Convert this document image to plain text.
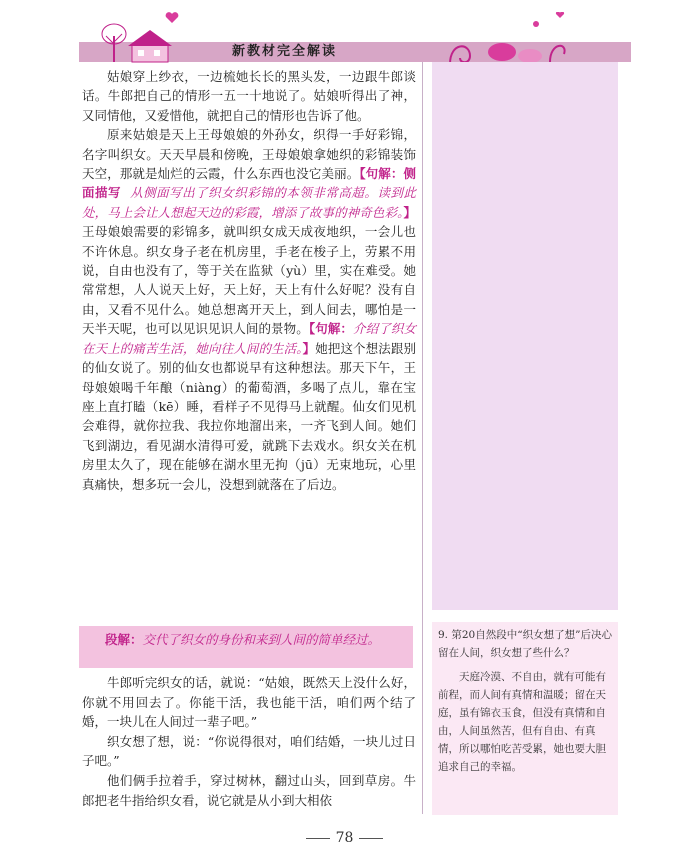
新教材完全解读

姑娘穿上纱衣，一边梳她长长的黑头发，一边跟牛郎谈话。牛郎把自己的情形一五一十地说了。姑娘听得出了神，又同情他，又爱惜他，就把自己的情形也告诉了他。

原来姑娘是天上王母娘娘的外孙女，织得一手好彩锦，名字叫织女。天天早晨和傍晚，王母娘娘拿她织的彩锦装饰天空，那就是灿烂的云霞，什么东西也没它美丽。【句解：侧面描写 从侧面写出了织女织彩锦的本领非常高超。读到此处，马上会让人想起天边的彩霞，增添了故事的神奇色彩。】王母娘娘需要的彩锦多，就叫织女成天成夜地织，一会儿也不许休息。织女身子老在机房里，手老在梭子上，劳累不用说，自由也没有了，等于关在监狱（yù）里，实在难受。她常常想，人人说天上好，天上好，天上有什么好呢？没有自由，又看不见什么。她总想离开天上，到人间去，哪怕是一天半天呢，也可以见识见识人间的景物。【句解：介绍了织女在天上的痛苦生活，她向往人间的生活。】她把这个想法跟别的仙女说了。别的仙女也都说早有这种想法。那天下午，王母娘娘喝千年酿（niàng）的葡萄酒，多喝了点儿，靠在宝座上直打瞌（kē）睡，看样子不见得马上就醒。仙女们见机会难得，就你拉我、我拉你地溜出来，一齐飞到人间。她们飞到湖边，看见湖水清得可爱，就跳下去戏水。织女关在机房里太久了，现在能够在湖水里无拘（jū）无束地玩，心里真痛快，想多玩一会儿，没想到就落在了后边。

段解：交代了织女的身份和来到人间的简单经过。

牛郎听完织女的话，就说：“姑娘，既然天上没什么好，你就不用回去了。你能干活，我也能干活，咱们两个结了婚，一块儿在人间过一辈子吧。”

织女想了想，说：“你说得很对，咱们结婚，一块儿过日子吧。”

他们俩手拉着手，穿过树林，翻过山头，回到草房。牛郎把老牛指给织女看，说它就是从小到大相依

9. 第20自然段中“织女想了想”后决心留在人间，织女想了些什么？
天庭冷漠、不自由，就有可能有前程，而人间有真情和温暖；留在天庭，虽有锦衣玉食，但没有真情和自由，人间虽然苦，但有自由、有真情，所以哪怕吃苦受累，她也要大胆追求自己的幸福。
78
